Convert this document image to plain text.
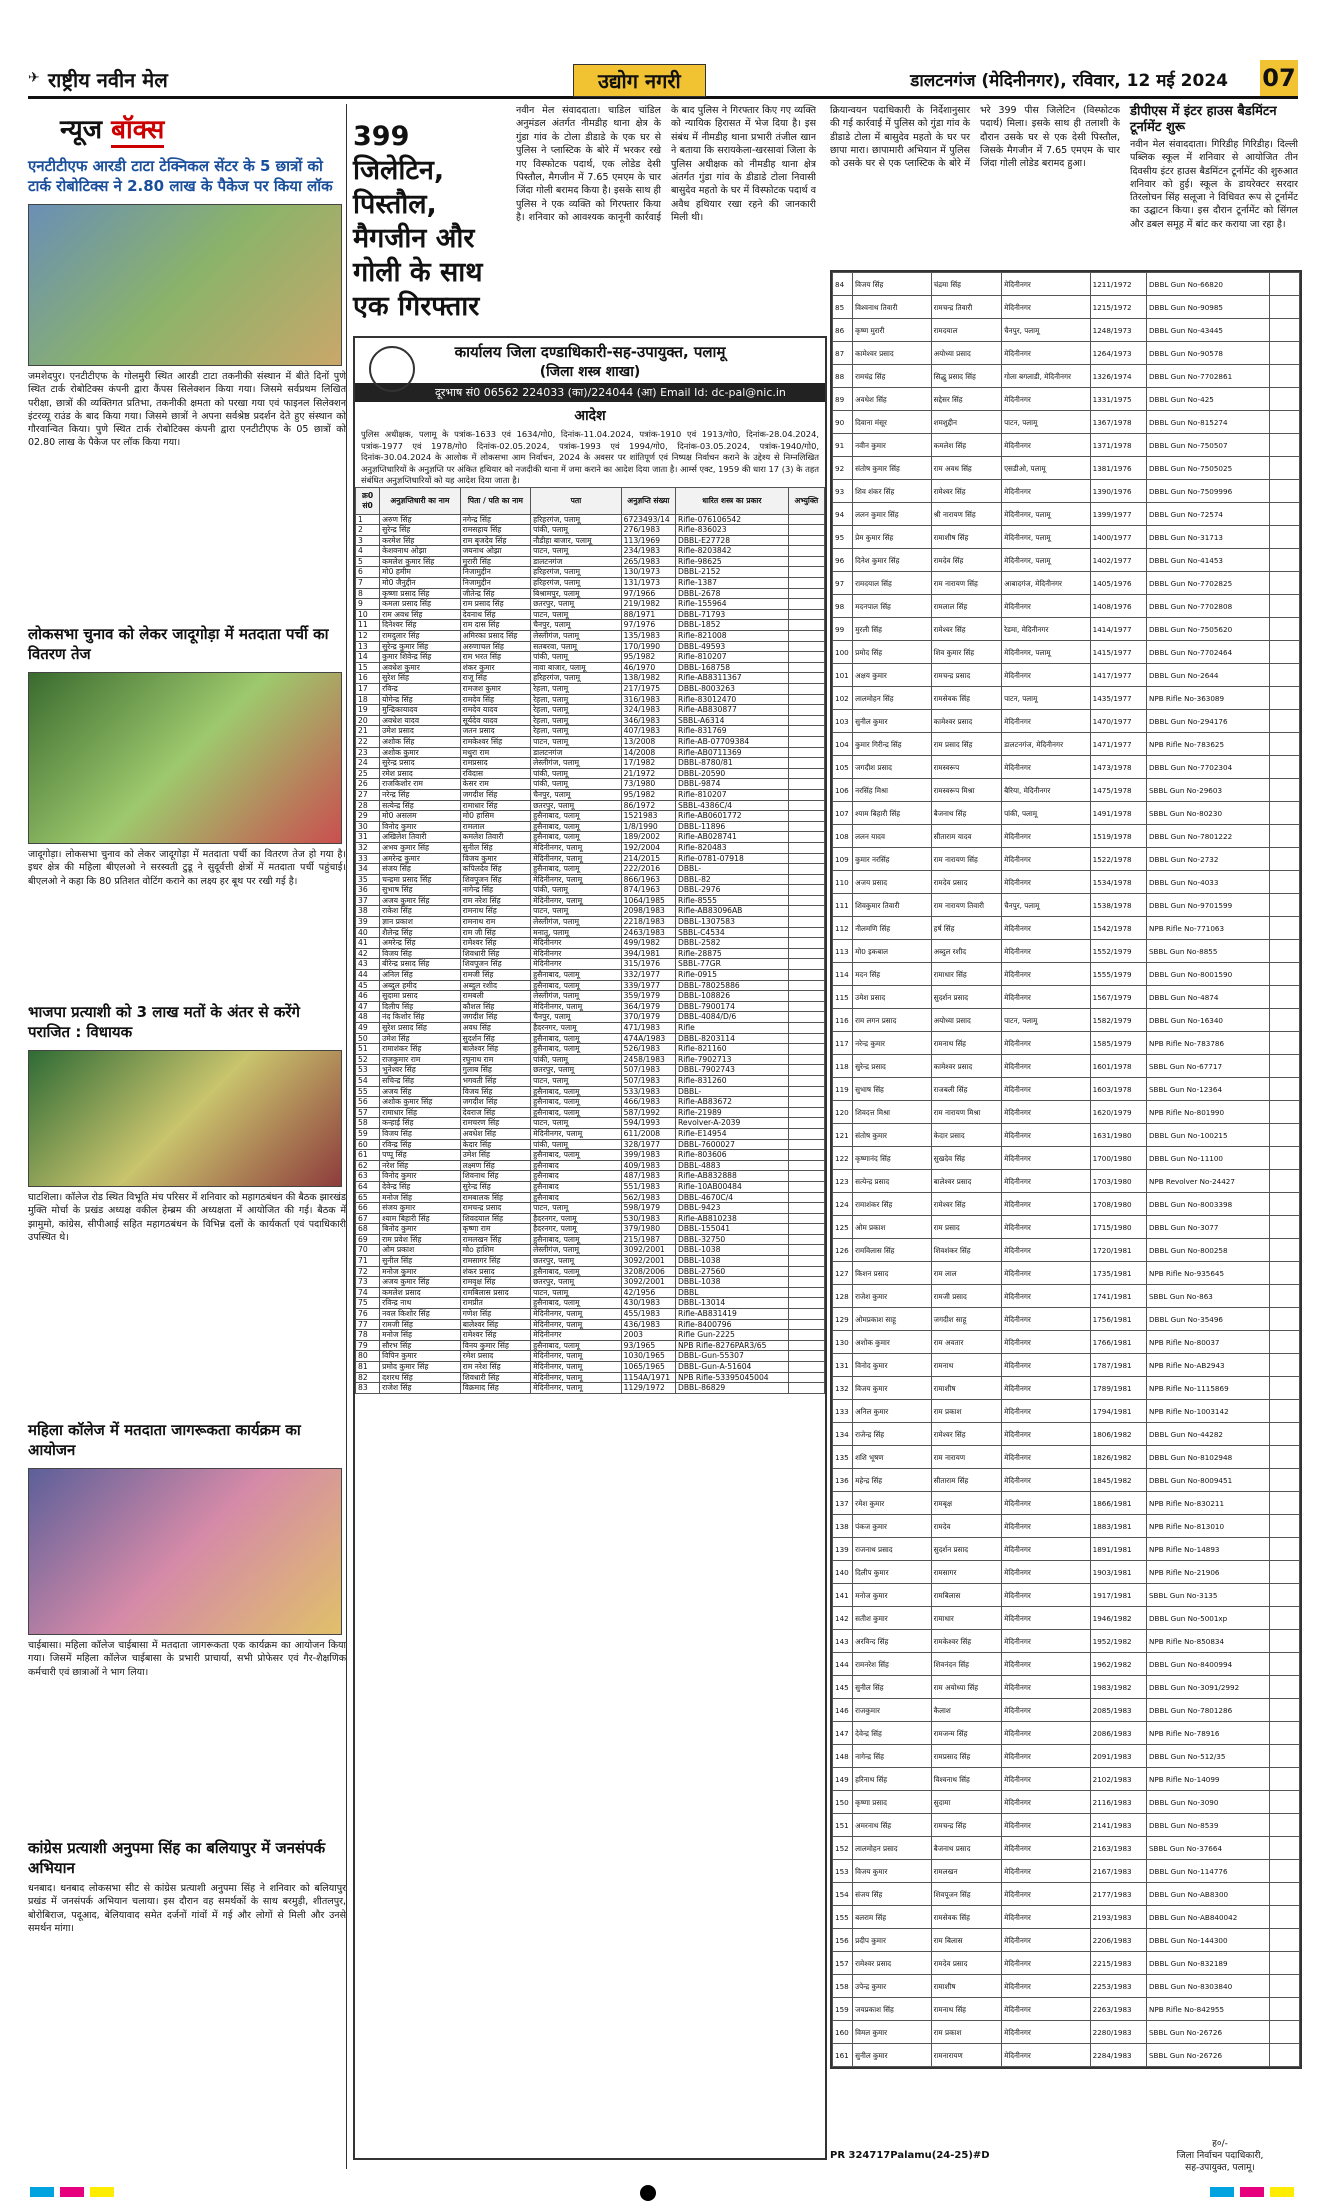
✈ राष्ट्रीय नवीन मेल	उद्योग नगरी	डालटनगंज (मेदिनीनगर), रविवार, 12 मई 2024 07
न्यूज बॉक्स
एनटीटीएफ आरडी टाटा टेक्निकल सेंटर के 5 छात्रों को टार्क रोबोटिक्स ने 2.80 लाख के पैकेज पर किया लॉक
जमशेदपुर। एनटीटीएफ के गोलमुरी स्थित आरडी टाटा तकनीकी संस्थान में बीते दिनों पुणे स्थित टार्क रोबोटिक्स कंपनी द्वारा कैंपस सिलेक्शन किया गया। जिसमे सर्वप्रथम लिखित परीक्षा, छात्रों की व्यक्तिगत प्रतिभा, तकनीकी क्षमता को परखा गया एवं फाइनल सिलेक्शन इंटरव्यू राउंड के बाद किया गया। जिसमे छात्रों ने अपना सर्वश्रेष्ठ प्रदर्शन देते हुए संस्थान को गौरवान्वित किया। पुणे स्थित टार्क रोबोटिक्स कंपनी द्वारा एनटीटीएफ के 05 छात्रों को 02.80 लाख के पैकेज पर लॉक किया गया।
लोकसभा चुनाव को लेकर जादूगोड़ा में मतदाता पर्ची का वितरण तेज
जादूगोड़ा। लोकसभा चुनाव को लेकर जादूगोड़ा में मतदाता पर्ची का वितरण तेज हो गया है। इधर क्षेत्र की महिला बीएलओ ने सरस्वती टुडू ने सुदूर्वत्ती क्षेत्रों में मतदाता पर्ची पहुंचाई। बीएलओ ने कहा कि 80 प्रतिशत वोटिंग कराने का लक्ष्य हर बूथ पर रखी गई है।
भाजपा प्रत्याशी को 3 लाख मतों के अंतर से करेंगे पराजित : विधायक
घाटशिला। कॉलेज रोड स्थित विभूति मंच परिसर में शनिवार को महागठबंधन की बैठक झारखंड मुक्ति मोर्चा के प्रखंड अध्यक्ष वकील हेम्ब्रम की अध्यक्षता में आयोजित की गई। बैठक में झामुमो, कांग्रेस, सीपीआई सहित महागठबंधन के विभिन्न दलों के कार्यकर्ता एवं पदाधिकारी उपस्थित थे।
महिला कॉलेज में मतदाता जागरूकता कार्यक्रम का आयोजन
चाईबासा। महिला कॉलेज चाईबासा में मतदाता जागरूकता एक कार्यक्रम का आयोजन किया गया। जिसमें महिला कॉलेज चाईबासा के प्रभारी प्राचार्या, सभी प्रोफेसर एवं गैर-शैक्षणिक कर्मचारी एवं छात्राओं ने भाग लिया।
कांग्रेस प्रत्याशी अनुपमा सिंह का बलियापुर में जनसंपर्क अभियान
धनबाद। धनबाद लोकसभा सीट से कांग्रेस प्रत्याशी अनुपमा सिंह ने शनिवार को बलियापुर प्रखंड में जनसंपर्क अभियान चलाया। इस दौरान वह समर्थकों के साथ बरमुड़ी, शीतलपुर, बोरोबिराज, पदूआद, बेलियावाद समेत दर्जनों गांवों में गई और लोगों से मिली और उनसे समर्थन मांगा।
399 जिलेटिन, पिस्तौल, मैगजीन और गोली के साथ एक गिरफ्तार
नवीन मेल संवाददाता। चाडिल चांडिल अनुमंडल अंतर्गत नीमडीह थाना क्षेत्र के गुंडा गांव के टोला डीडाडे के एक घर से पुलिस ने प्लास्टिक के बोरे में भरकर रखे गए विस्फोटक पदार्थ, एक लोडेड देसी पिस्तौल, मैगजीन में 7.65 एमएम के चार जिंदा गोली बरामद किया है। इसके साथ ही पुलिस ने एक व्यक्ति को गिरफ्तार किया है। शनिवार को आवश्यक कानूनी कार्रवाई के बाद पुलिस ने गिरफ्तार किए गए व्यक्ति को न्यायिक हिरासत में भेज दिया है। इस संबंध में नीमडीह थाना प्रभारी तंजील खान ने बताया कि सरायकेला-खरसावां जिला के पुलिस अधीक्षक को नीमडीह थाना क्षेत्र अंतर्गत गुंडा गांव के डीडाडे टोला निवासी बासुदेव महतो के घर में विस्फोटक पदार्थ व अवैध हथियार रखा रहने की जानकारी मिली थी।
कार्यालय जिला दण्डाधिकारी-सह-उपायुक्त, पलामू
(जिला शस्त्र शाखा)
दूरभाष सं0 06562 224033 (का)/224044 (आ) Email Id: dc-pal@nic.in
आदेश
पुलिस अधीक्षक, पलामू के पत्रांक-1633 एवं 1634/गो0, दिनांक-11.04.2024, पत्रांक-1910 एवं 1913/गो0, दिनांक-28.04.2024, पत्रांक-1977 एवं 1978/गो0 दिनांक-02.05.2024, पत्रांक-1993 एवं 1994/गो0, दिनांक-03.05.2024, पत्रांक-1940/गो0, दिनांक-30.04.2024 के आलोक में लोकसभा आम निर्वाचन, 2024 के अवसर पर शांतिपूर्ण एवं निष्पक्ष निर्वाचन कराने के उद्देश्य से निम्नलिखित अनुज्ञप्तिधारियों के अनुज्ञप्ति पर अंकित हथियार को नजदीकी थाना में जमा कराने का आदेश दिया जाता है। आर्म्स एक्ट, 1959 की धारा 17 (3) के तहत संबंधित अनुज्ञप्तिधारियों को यह आदेश दिया जाता है।
क्र0 सं0	अनुज्ञप्तिधारी का नाम	पिता / पति का नाम	पता	अनुज्ञप्ति संख्या	धारित शस्त्र का प्रकार	अभ्युक्ति
1	अरुण सिंह	नगेन्द्र सिंह	हरिहरगंज, पलामू	6723493/14	Rifle-076106542	
2	सुरेन्द्र सिंह	रामसहाय सिंह	पांकी, पलामू	276/1983	Rifle-836023	
3	करमेश सिंह	राम बृजदेव सिंह	नौडीहा बाजार, पलामू	113/1969	DBBL-E27728	
4	केशवनाथ ओझा	जयनाथ ओझा	पाटन, पलामू	234/1983	Rifle-8203842	
5	कमलेश कुमार सिंह	मुरारी सिंह	डालटनगंज	265/1983	Rifle-98625	
6	मो0 हमीम	निजामुद्दीन	हरिहरगंज, पलामू	130/1973	DBBL-2152	
7	मो0 जैनुद्दीन	निजामुद्दीन	हरिहरगंज, पलामू	131/1973	Rifle-1387	
8	कृष्णा प्रसाद सिंह	जीतेन्द्र सिंह	बिश्रामपुर, पलामू	97/1966	DBBL-2678	
9	कमला प्रसाद सिंह	राम प्रसाद सिंह	छतरपुर, पलामू	219/1982	Rifle-155964	
10	राम अवध सिंह	देवनाथ सिंह	पाटन, पलामू	88/1971	DBBL-71793	
11	दिनेश्वर सिंह	राम दास सिंह	चैनपुर, पलामू	97/1976	DBBL-1852	
12	रामदुलार सिंह	अमिरका प्रसाद सिंह	लेस्लीगंज, पलामू	135/1983	Rifle-821008	
13	सुरेन्द्र कुमार सिंह	अरुणाचल सिंह	सतबरवा, पलामू	170/1990	DBBL-49593	
14	कुमार शिवेन्द्र सिंह	राम भरत सिंह	पांकी, पलामू	95/1982	Rifle-810207	
15	अवधेश कुमार	शंकर कुमार	नावा बाजार, पलामू	46/1970	DBBL-168758	
16	सुरेश सिंह	राजू सिंह	हरिहरगंज, पलामू	138/1982	Rifle-AB8311367	
17	रविन्द्र	रामजश कुमार	रेहला, पलामू	217/1975	DBBL-8003263	
18	योगेन्द्र सिंह	रामदेव सिंह	रेहला, पलामू	316/1983	Rifle-83012470	
19	मुन्द्रिकायादव	रामदेव यादव	रेहला, पलामू	324/1983	Rifle-AB830877	
20	अवधेश यादव	सूर्यदेव यादव	रेहला, पलामू	346/1983	SBBL-A6314	
21	उमेश प्रसाद	जतन प्रसाद	रेहला, पलामू	407/1983	Rifle-831769	
22	अशोक सिंह	रामकेश्वर सिंह	पाटन, पलामू	13/2008	Rifle-AB-07709384	
23	अशोक कुमार	मथुरा राम	डालटनगंज	14/2008	Rifle-AB0711369	
24	सुरेन्द्र प्रसाद	रामप्रसाद	लेस्लीगंज, पलामू	17/1982	DBBL-8780/81	
25	रमेश प्रसाद	रविदास	पांकी, पलामू	21/1972	DBBL-20590	
26	राजकिशोर राम	केसर राम	पांकी, पलामू	73/1980	DBBL-9874	
27	नरेन्द्र सिंह	जगदीश सिंह	चैनपुर, पलामू	95/1982	Rifle-810207	
28	सत्येन्द्र सिंह	रामाधार सिंह	छतरपुर, पलामू	86/1972	SBBL-4386C/4	
29	मो0 असलम	मो0 हासिम	हुसैनाबाद, पलामू	1521983	Rifle-AB0601772	
30	विनोद कुमार	रामलाल	हुसैनाबाद, पलामू	1/8/1990	DBBL-11896	
31	अखिलेश तिवारी	कमलेश तिवारी	हुसैनाबाद, पलामू	189/2002	Rifle-AB028741	
32	अभय कुमार सिंह	सुनील सिंह	मेदिनीनगर, पलामू	192/2004	Rifle-820483	
33	अमरेन्द्र कुमार	विजय कुमार	मेदिनीनगर, पलामू	214/2015	Rifle-0781-07918	
34	संजय सिंह	कपिलदेव सिंह	हुसैनाबाद, पलामू	222/2016	DBBL-	
35	चन्द्रमा प्रसाद सिंह	शिवपूजन सिंह	मेदिनीनगर, पलामू	866/1963	DBBL-82	
36	सुभाष सिंह	नागेन्द्र सिंह	पांकी, पलामू	874/1963	DBBL-2976	
37	अजय कुमार सिंह	राम नरेश सिंह	मेदिनीनगर, पलामू	1064/1985	Rifle-8555	
38	राकेश सिंह	रामनाथ सिंह	पाटन, पलामू	2098/1983	Rifle-AB83096AB	
39	ज्ञान प्रकाश	रामनाथ राम	लेस्लीगंज, पलामू	2218/1983	DBBL-1307583	
40	शैलेन्द्र सिंह	राम जी सिंह	मनातू, पलामू	2463/1983	SBBL-C4534	
41	अमरेन्द्र सिंह	रामेश्वर सिंह	मेदिनीनगर	499/1982	DBBL-2582	
42	विजय सिंह	शिवधारी सिंह	मेदिनीनगर	394/1981	Rifle-28875	
43	बीरेन्द्र प्रसाद सिंह	शिवपूजन सिंह	मेदिनीनगर	315/1976	SBBL-77GR	
44	अनिल सिंह	रामजी सिंह	हुसैनाबाद, पलामू	332/1977	Rifle-0915	
45	अब्दुल हमीद	अब्दुल रशीद	हुसैनाबाद, पलामू	339/1977	DBBL-78025886	
46	सुदामा प्रसाद	रामबली	लेस्लीगंज, पलामू	359/1979	DBBL-108826	
47	दिलीप सिंह	कौशल सिंह	मेदिनीनगर, पलामू	364/1979	DBBL-7900174	
48	नंद किशोर सिंह	जगदीश सिंह	चैनपुर, पलामू	370/1979	DBBL-4084/D/6	
49	सुरेश प्रसाद सिंह	अवध सिंह	हैदरनगर, पलामू	471/1983	Rifle	
50	उमेश सिंह	सुदर्शन सिंह	हुसैनाबाद, पलामू	474A/1983	DBBL-8203114	
51	रामाशंकर सिंह	बालेश्वर सिंह	हुसैनाबाद, पलामू	526/1983	Rifle-821160	
52	राजकुमार राम	रघुनाथ राम	पांकी, पलामू	2458/1983	Rifle-7902713	
53	भुनेश्वर सिंह	गुलाब सिंह	छतरपुर, पलामू	507/1983	DBBL-7902743	
54	सचिन्द्र सिंह	भगवती सिंह	पाटन, पलामू	507/1983	Rifle-831260	
55	अजय सिंह	विजय सिंह	हुसैनाबाद, पलामू	533/1983	DBBL-	
56	अशोक कुमार सिंह	जगदीश सिंह	हुसैनाबाद, पलामू	466/1983	Rifle-AB83672	
57	रामाधार सिंह	देवराज सिंह	हुसैनाबाद, पलामू	587/1992	Rifle-21989	
58	कन्हाई सिंह	रामचरण सिंह	पाटन, पलामू	594/1993	Revolver-A-2039	
59	विजय सिंह	अवधेश सिंह	मेदिनीनगर, पलामू	611/2008	Rifle-E14954	
60	रविन्द्र सिंह	केदार सिंह	पांकी, पलामू	328/1977	DBBL-7600027	
61	पप्पू सिंह	उमेश सिंह	हुसैनाबाद, पलामू	399/1983	Rifle-803606	
62	नरेश सिंह	लक्ष्मण सिंह	हुसैनाबाद	409/1983	DBBL-4883	
63	विनोद कुमार	शिवनाथ सिंह	हुसैनाबाद	487/1983	Rifle-AB832888	
64	देवेन्द्र सिंह	सुरेन्द्र सिंह	हुसैनाबाद	551/1983	Rifle-10AB00484	
65	मनोज सिंह	रामबालक सिंह	हुसैनाबाद	562/1983	DBBL-4670C/4	
66	संजय कुमार	रामचन्द्र प्रसाद	पाटन, पलामू	598/1979	DBBL-9423	
67	श्याम बिहारी सिंह	शिवदयाल सिंह	हैदरनगर, पलामू	530/1983	Rifle-AB810238	
68	बिनोद कुमार	कृष्णा राम	हैदरनगर, पलामू	379/1980	DBBL-155041	
69	राम प्रवेश सिंह	रामलखन सिंह	हुसैनाबाद, पलामू	215/1987	DBBL-32750	
70	ओम प्रकाश	मोo हाशिम	लेस्लीगंज, पलामू	3092/2001	DBBL-1038	
71	सुनील सिंह	रामसागर सिंह	छतरपुर, पलामू	3092/2001	DBBL-1038	
72	मनोज कुमार	शंकर प्रसाद	हुसैनाबाद, पलामू	3208/2006	DBBL-27560	
73	अजय कुमार सिंह	रामवृक्ष सिंह	छतरपुर, पलामू	3092/2001	DBBL-1038	
74	कमलेश प्रसाद	रामबिलास प्रसाद	पाटन, पलामू	42/1956	DBBL	
75	रविन्द्र नाथ	रामप्रीत	हुसैनाबाद, पलामू	430/1983	DBBL-13014	
76	नवल किशोर सिंह	गणेश सिंह	मेदिनीनगर, पलामू	455/1983	Rifle-AB831419	
77	रामजी सिंह	बालेश्वर सिंह	मेदिनीनगर, पलामू	436/1983	Rifle-8400796	
78	मनोज सिंह	रामेश्वर सिंह	मेदिनीनगर	2003	Rifle Gun-2225	
79	सौरभ सिंह	विनय कुमार सिंह	हुसैनाबाद, पलामू	93/1965	NPB Rifle-8276PAR3/65	
80	विपिन कुमार	रमेश प्रसाद	मेदिनीनगर, पलामू	1030/1965	DBBL-Gun-55307	
81	प्रमोद कुमार सिंह	राम नरेश सिंह	मेदिनीनगर, पलामू	1065/1965	DBBL-Gun-A-51604	
82	दशरथ सिंह	शिवधारी सिंह	मेदिनीनगर, पलामू	1154A/1971	NPB Rifle-53395045004	
83	राजेश सिंह	विक्रमाद सिंह	मेदिनीनगर, पलामू	1129/1972	DBBL-86829	
क्रियान्वयन पदाधिकारी के निर्देशानुसार की गई कार्रवाई में पुलिस को गुंडा गांव के डीडाडे टोला में बासुदेव महतो के घर पर छापा मारा। छापामारी अभियान में पुलिस को उसके घर से एक प्लास्टिक के बोरे में भरे 399 पीस जिलेटिन (विस्फोटक पदार्थ) मिला। इसके साथ ही तलाशी के दौरान उसके घर से एक देसी पिस्तौल, जिसके मैगजीन में 7.65 एमएम के चार जिंदा गोली लोडेड बरामद हुआ।
डीपीएस में इंटर हाउस बैडमिंटन टूर्नामेंट शुरू
नवीन मेल संवाददाता। गिरिडीह गिरिडीह। दिल्ली पब्लिक स्कूल में शनिवार से आयोजित तीन दिवसीय इंटर हाउस बैडमिंटन टूर्नामेंट की शुरुआत शनिवार को हुई। स्कूल के डायरेक्टर सरदार तिरलोचन सिंह सलूजा ने विधिवत रूप से टूर्नामेंट का उद्घाटन किया। इस दौरान टूर्नामेंट को सिंगल और डबल समूह में बांट कर कराया जा रहा है।
84	विजय सिंह	चंद्रमा सिंह	मेदिनीनगर	1211/1972	DBBL Gun No-66820	
85	विश्वनाथ तिवारी	रामचन्द्र तिवारी	मेदिनीनगर	1215/1972	DBBL Gun No-90985	
86	कृष्ण मुरारी	रामदयाल	चैनपुर, पलामू	1248/1973	DBBL Gun No-43445	
87	कामेश्वर प्रसाद	अयोध्या प्रसाद	मेदिनीनगर	1264/1973	DBBL Gun No-90578	
88	रामचंद्र सिंह	सिद्धु प्रसाद सिंह	गोला बगलाडी, मेदिनीनगर	1326/1974	DBBL Gun No-7702861	
89	अवधेश सिंह	सद्देसर सिंह	मेदिनीनगर	1331/1975	DBBL Gun No-425	
90	दिवाना मंसूर	शमशुद्दीन	पाटन, पलामू	1367/1978	DBBL Gun No-815274	
91	नवीन कुमार	कमलेश सिंह	मेदिनीनगर	1371/1978	DBBL Gun No-750507	
92	संतोष कुमार सिंह	राम अवध सिंह	एसडीओ, पलामू	1381/1976	DBBL Gun No-7505025	
93	शिव शंकर सिंह	रामेश्वर सिंह	मेदिनीनगर	1390/1976	DBBL Gun No-7509996	
94	ललन कुमार सिंह	श्री नारायण सिंह	मेदिनीनगर, पलामू	1399/1977	DBBL Gun No-72574	
95	प्रेम कुमार सिंह	रामाशीष सिंह	मेदिनीनगर, पलामू	1400/1977	DBBL Gun No-31713	
96	दिनेश कुमार सिंह	रामदेव सिंह	मेदिनीनगर, पलामू	1402/1977	DBBL Gun No-41453	
97	रामदयाल सिंह	राम नारायण सिंह	आबादगंज, मेदिनीनगर	1405/1976	DBBL Gun No-7702825	
98	मदनपाल सिंह	रामलाल सिंह	मेदिनीनगर	1408/1976	DBBL Gun No-7702808	
99	मुरली सिंह	रामेश्वर सिंह	रेडमा, मेदिनीनगर	1414/1977	DBBL Gun No-7505620	
100	प्रमोद सिंह	शिव कुमार सिंह	मेदिनीनगर, पलामू	1415/1977	DBBL Gun No-7702464	
101	अक्षय कुमार	रामचन्द्र प्रसाद	मेदिनीनगर	1417/1977	DBBL Gun No-2644	
102	लालमोहन सिंह	रामसेवक सिंह	पाटन, पलामू	1435/1977	NPB Rifle No-363089	
103	सुनील कुमार	कामेश्वर प्रसाद	मेदिनीनगर	1470/1977	DBBL Gun No-294176	
104	कुमार गिरीन्द्र सिंह	राम प्रसाद सिंह	डालटनगंज, मेदिनीनगर	1471/1977	NPB Rifle No-783625	
105	जगदीश प्रसाद	रामस्वरूप	मेदिनीनगर	1473/1978	DBBL Gun No-7702304	
106	नरसिंह मिश्रा	रामस्वरूप मिश्रा	बैरिया, मेदिनीनगर	1475/1978	SBBL Gun No-29603	
107	श्याम बिहारी सिंह	बैजनाथ सिंह	पांकी, पलामू	1491/1978	SBBL Gun No-80230	
108	ललन यादव	सीताराम यादव	मेदिनीनगर	1519/1978	DBBL Gun No-7801222	
109	कुमार नरसिंह	राम नारायण सिंह	मेदिनीनगर	1522/1978	DBBL Gun No-2732	
110	अजय प्रसाद	रामदेव प्रसाद	मेदिनीनगर	1534/1978	DBBL Gun No-4033	
111	शिवकुमार तिवारी	राम नारायण तिवारी	चैनपुर, पलामू	1538/1978	DBBL Gun No-9701599	
112	नीलमणि सिंह	हर्ष सिंह	मेदिनीनगर	1542/1978	NPB Rifle No-771063	
113	मो0 इकबाल	अब्दुल रशीद	मेदिनीनगर	1552/1979	SBBL Gun No-8855	
114	मदन सिंह	रामाधार सिंह	मेदिनीनगर	1555/1979	DBBL Gun No-8001590	
115	उमेश प्रसाद	सुदर्शन प्रसाद	मेदिनीनगर	1567/1979	DBBL Gun No-4874	
116	राम लगन प्रसाद	अयोध्या प्रसाद	पाटन, पलामू	1582/1979	DBBL Gun No-16340	
117	नरेन्द्र कुमार	रामनाथ सिंह	मेदिनीनगर	1585/1979	NPB Rifle No-783786	
118	सुरेन्द्र प्रसाद	कामेश्वर प्रसाद	मेदिनीनगर	1601/1978	SBBL Gun No-67717	
119	सुभाष सिंह	राजबली सिंह	मेदिनीनगर	1603/1978	SBBL Gun No-12364	
120	शिवदत्त मिश्रा	राम नारायण मिश्रा	मेदिनीनगर	1620/1979	NPB Rifle No-801990	
121	संतोष कुमार	केदार प्रसाद	मेदिनीनगर	1631/1980	DBBL Gun No-100215	
122	कृष्णानंद सिंह	सुखदेव सिंह	मेदिनीनगर	1700/1980	DBBL Gun No-11100	
123	सत्येन्द्र प्रसाद	बालेश्वर प्रसाद	मेदिनीनगर	1703/1980	NPB Revolver No-24427	
124	रामाशंकर सिंह	रामेश्वर सिंह	मेदिनीनगर	1708/1980	DBBL Gun No-8003398	
125	ओम प्रकाश	राम प्रसाद	मेदिनीनगर	1715/1980	DBBL Gun No-3077	
126	रामविलास सिंह	शिवशंकर सिंह	मेदिनीनगर	1720/1981	DBBL Gun No-800258	
127	किशन प्रसाद	राम लाल	मेदिनीनगर	1735/1981	NPB Rifle No-935645	
128	राजेश कुमार	रामजी प्रसाद	मेदिनीनगर	1741/1981	SBBL Gun No-863	
129	ओमप्रकाश साहू	जगदीश साहू	मेदिनीनगर	1756/1981	DBBL Gun No-35496	
130	अशोक कुमार	राम अवतार	मेदिनीनगर	1766/1981	NPB Rifle No-80037	
131	विनोद कुमार	रामनाथ	मेदिनीनगर	1787/1981	NPB Rifle No-AB2943	
132	विजय कुमार	रामाशीष	मेदिनीनगर	1789/1981	NPB Rifle No-1115869	
133	अनिल कुमार	राम प्रकाश	मेदिनीनगर	1794/1981	NPB Rifle No-1003142	
134	राजेन्द्र सिंह	रामेश्वर सिंह	मेदिनीनगर	1806/1982	DBBL Gun No-44282	
135	शशि भूषण	राम नारायण	मेदिनीनगर	1826/1982	DBBL Gun No-8102948	
136	महेन्द्र सिंह	सीताराम सिंह	मेदिनीनगर	1845/1982	DBBL Gun No-8009451	
137	रमेश कुमार	रामबृक्ष	मेदिनीनगर	1866/1981	NPB Rifle No-830211	
138	पंकज कुमार	रामदेव	मेदिनीनगर	1883/1981	NPB Rifle No-813010	
139	राजनाथ प्रसाद	सुदर्शन प्रसाद	मेदिनीनगर	1891/1981	NPB Rifle No-14893	
140	दिलीप कुमार	रामसागर	मेदिनीनगर	1903/1981	NPB Rifle No-21906	
141	मनोज कुमार	रामबिलास	मेदिनीनगर	1917/1981	SBBL Gun No-3135	
142	सतीश कुमार	रामाधार	मेदिनीनगर	1946/1982	DBBL Gun No-5001xp	
143	अरविन्द सिंह	रामकेश्वर सिंह	मेदिनीनगर	1952/1982	NPB Rifle No-850834	
144	रामनरेश सिंह	शिवनंदन सिंह	मेदिनीनगर	1962/1982	DBBL Gun No-8400994	
145	सुनील सिंह	राम अयोध्या सिंह	मेदिनीनगर	1983/1982	DBBL Gun No-3091/2992	
146	राजकुमार	कैलाश	मेदिनीनगर	2085/1983	DBBL Gun No-7801286	
147	देवेन्द्र सिंह	रामजन्म सिंह	मेदिनीनगर	2086/1983	NPB Rifle No-78916	
148	नागेन्द्र सिंह	रामप्रसाद सिंह	मेदिनीनगर	2091/1983	DBBL Gun No-512/35	
149	हरिनाथ सिंह	विश्वनाथ सिंह	मेदिनीनगर	2102/1983	NPB Rifle No-14099	
150	कृष्णा प्रसाद	सुदामा	मेदिनीनगर	2116/1983	DBBL Gun No-3090	
151	अमरनाथ सिंह	रामचन्द्र सिंह	मेदिनीनगर	2141/1983	DBBL Gun No-8539	
152	लालमोहन प्रसाद	बैजनाथ प्रसाद	मेदिनीनगर	2163/1983	SBBL Gun No-37664	
153	विजय कुमार	रामलखन	मेदिनीनगर	2167/1983	DBBL Gun No-114776	
154	संजय सिंह	शिवपूजन सिंह	मेदिनीनगर	2177/1983	DBBL Gun No-AB8300	
155	बलराम सिंह	रामसेवक सिंह	मेदिनीनगर	2193/1983	DBBL Gun No-AB840042	
156	प्रदीप कुमार	राम बिलास	मेदिनीनगर	2206/1983	DBBL Gun No-144300	
157	रामेश्वर प्रसाद	रामदेव प्रसाद	मेदिनीनगर	2215/1983	DBBL Gun No-832189	
158	उपेन्द्र कुमार	रामाशीष	मेदिनीनगर	2253/1983	DBBL Gun No-8303840	
159	जयप्रकाश सिंह	रामनाथ सिंह	मेदिनीनगर	2263/1983	NPB Rifle No-842955	
160	विमल कुमार	राम प्रकाश	मेदिनीनगर	2280/1983	SBBL Gun No-26726	
161	सुनील कुमार	रामनारायण	मेदिनीनगर	2284/1983	SBBL Gun No-26726	
PR 324717Palamu(24-25)#D
ह०/-
जिला निर्वाचन पदाधिकारी,
सह-उपायुक्त, पलामू।
